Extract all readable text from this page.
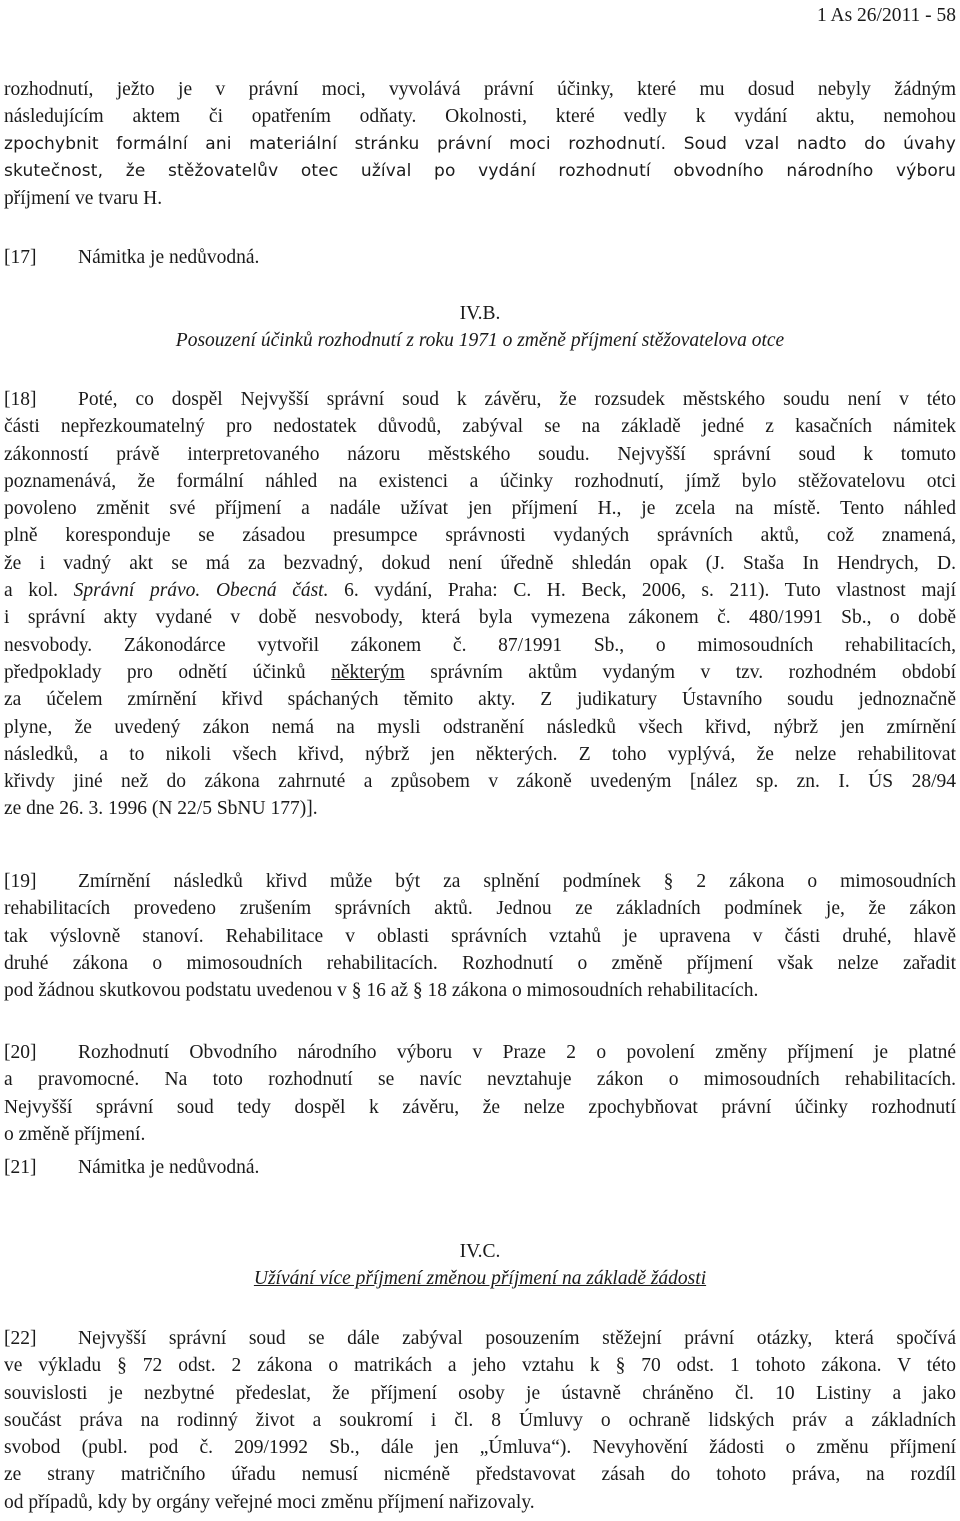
1 As 26/2011 - 58
rozhodnutí, ježto je v právní moci, vyvolává právní účinky, které mu dosud nebyly žádným
následujícím aktem či opatřením odňaty. Okolnosti, které vedly k vydání aktu, nemohou
zpochybnit formální ani materiální stránku právní moci rozhodnutí. Soud vzal nadto do úvahy
skutečnost, že stěžovatelův otec užíval po vydání rozhodnutí obvodního národního výboru
příjmení ve tvaru H.
[17] Námitka je nedůvodná.
IV.B.
Posouzení účinků rozhodnutí z roku 1971 o změně příjmení stěžovatelova otce
[18] Poté, co dospěl Nejvyšší správní soud k závěru, že rozsudek městského soudu není v této
části nepřezkoumatelný pro nedostatek důvodů, zabýval se na základě jedné z kasačních námitek
zákonností právě interpretovaného názoru městského soudu. Nejvyšší správní soud k tomuto
poznamenává, že formální náhled na existenci a účinky rozhodnutí, jímž bylo stěžovatelovu otci
povoleno změnit své příjmení a nadále užívat jen příjmení H., je zcela na místě. Tento náhled
plně koresponduje se zásadou presumpce správnosti vydaných správních aktů, což znamená,
že i vadný akt se má za bezvadný, dokud není úředně shledán opak (J. Staša In Hendrych, D.
a kol. Správní právo. Obecná část. 6. vydání, Praha: C. H. Beck, 2006, s. 211). Tuto vlastnost mají
i správní akty vydané v době nesvobody, která byla vymezena zákonem č. 480/1991 Sb., o době
nesvobody. Zákonodárce vytvořil zákonem č. 87/1991 Sb., o mimosoudních rehabilitacích,
předpoklady pro odnětí účinků některým správním aktům vydaným v tzv. rozhodném období
za účelem zmírnění křivd spáchaných těmito akty. Z judikatury Ústavního soudu jednoznačně
plyne, že uvedený zákon nemá na mysli odstranění následků všech křivd, nýbrž jen zmírnění
následků, a to nikoli všech křivd, nýbrž jen některých. Z toho vyplývá, že nelze rehabilitovat
křivdy jiné než do zákona zahrnuté a způsobem v zákoně uvedeným [nález sp. zn. I. ÚS 28/94
ze dne 26. 3. 1996 (N 22/5 SbNU 177)].
[19] Zmírnění následků křivd může být za splnění podmínek § 2 zákona o mimosoudních
rehabilitacích provedeno zrušením správních aktů. Jednou ze základních podmínek je, že zákon
tak výslovně stanoví. Rehabilitace v oblasti správních vztahů je upravena v části druhé, hlavě
druhé zákona o mimosoudních rehabilitacích. Rozhodnutí o změně příjmení však nelze zařadit
pod žádnou skutkovou podstatu uvedenou v § 16 až § 18 zákona o mimosoudních rehabilitacích.
[20] Rozhodnutí Obvodního národního výboru v Praze 2 o povolení změny příjmení je platné
a pravomocné. Na toto rozhodnutí se navíc nevztahuje zákon o mimosoudních rehabilitacích.
Nejvyšší správní soud tedy dospěl k závěru, že nelze zpochybňovat právní účinky rozhodnutí
o změně příjmení.
[21] Námitka je nedůvodná.
IV.C.
Užívání více příjmení změnou příjmení na základě žádosti
[22] Nejvyšší správní soud se dále zabýval posouzením stěžejní právní otázky, která spočívá
ve výkladu § 72 odst. 2 zákona o matrikách a jeho vztahu k § 70 odst. 1 tohoto zákona. V této
souvislosti je nezbytné předeslat, že příjmení osoby je ústavně chráněno čl. 10 Listiny a jako
součást práva na rodinný život a soukromí i čl. 8 Úmluvy o ochraně lidských práv a základních
svobod (publ. pod č. 209/1992 Sb., dále jen „Úmluva“). Nevyhovění žádosti o změnu příjmení
ze strany matričního úřadu nemusí nicméně představovat zásah do tohoto práva, na rozdíl
od případů, kdy by orgány veřejné moci změnu příjmení nařizovaly.
